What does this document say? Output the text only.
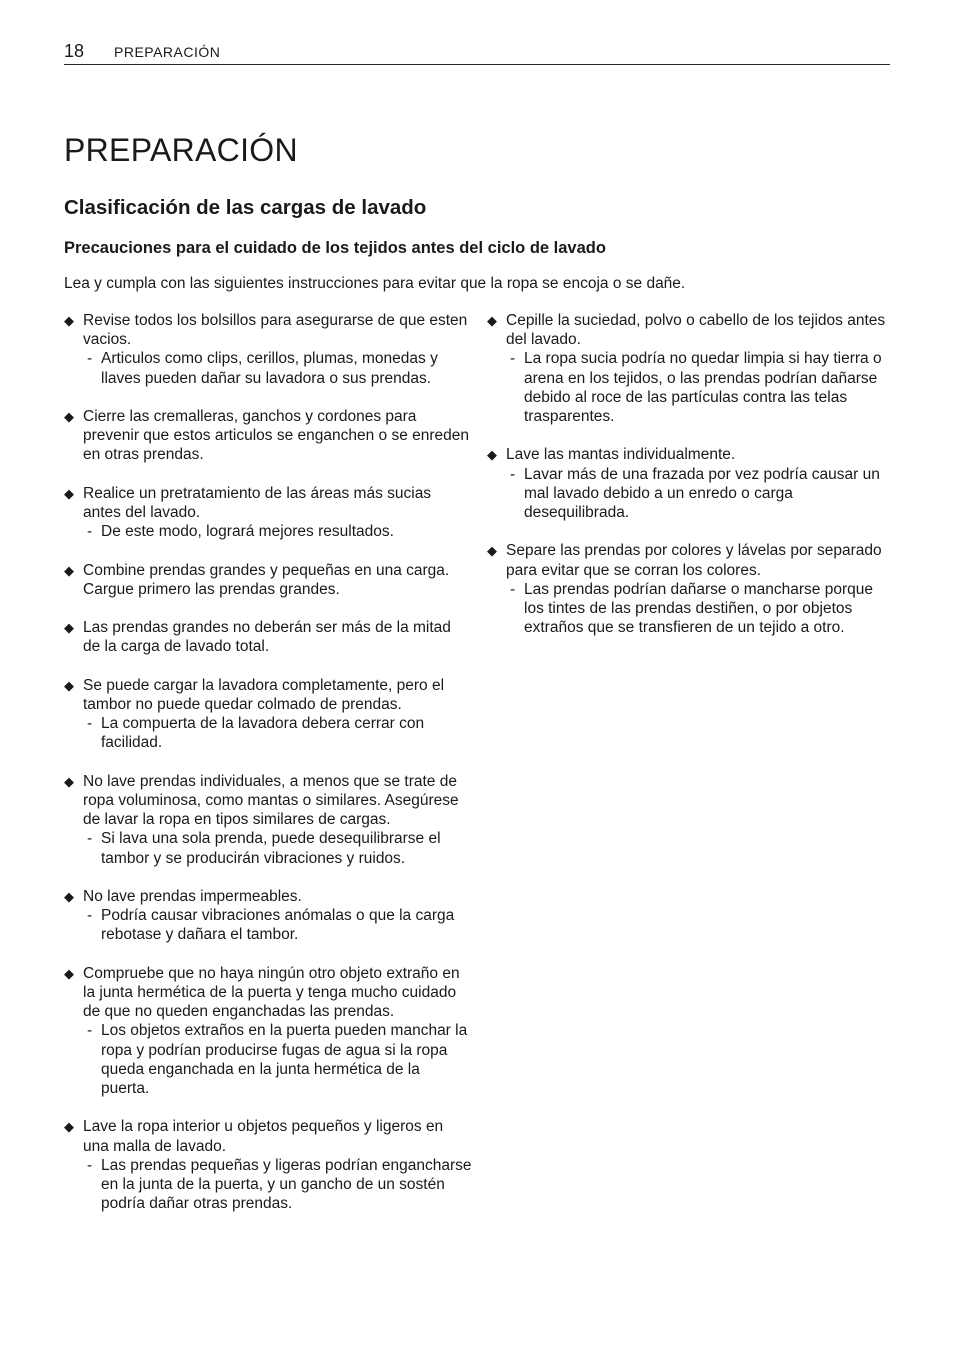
18 PREPARACIÓN
PREPARACIÓN
Clasificación de las cargas de lavado
Precauciones para el cuidado de los tejidos antes del ciclo de lavado

Lea y cumpla con las siguientes instrucciones para evitar que la ropa se encoja o se dañe.

◆ Revise todos los bolsillos para asegurarse de que esten vacios.
- Articulos como clips, cerillos, plumas, monedas y llaves pueden dañar su lavadora o sus prendas.
◆ Cierre las cremalleras, ganchos y cordones para prevenir que estos articulos se enganchen o se enreden en otras prendas.
◆ Realice un pretratamiento de las áreas más sucias antes del lavado.
- De este modo, logrará mejores resultados.
◆ Combine prendas grandes y pequeñas en una carga. Cargue primero las prendas grandes.
◆ Las prendas grandes no deberán ser más de la mitad de la carga de lavado total.
◆ Se puede cargar la lavadora completamente, pero el tambor no puede quedar colmado de prendas.
- La compuerta de la lavadora debera cerrar con facilidad.
◆ No lave prendas individuales, a menos que se trate de ropa voluminosa, como mantas o similares. Asegúrese de lavar la ropa en tipos similares de cargas.
- Si lava una sola prenda, puede desequilibrarse el tambor y se producirán vibraciones y ruidos.
◆ No lave prendas impermeables.
- Podría causar vibraciones anómalas o que la carga rebotase y dañara el tambor.
◆ Compruebe que no haya ningún otro objeto extraño en la junta hermética de la puerta y tenga mucho cuidado de que no queden enganchadas las prendas.
- Los objetos extraños en la puerta pueden manchar la ropa y podrían producirse fugas de agua si la ropa queda enganchada en la junta hermética de la puerta.
◆ Lave la ropa interior u objetos pequeños y ligeros en una malla de lavado.
- Las prendas pequeñas y ligeras podrían engancharse en la junta de la puerta, y un gancho de un sostén podría dañar otras prendas.
◆ Cepille la suciedad, polvo o cabello de los tejidos antes del lavado.
- La ropa sucia podría no quedar limpia si hay tierra o arena en los tejidos, o las prendas podrían dañarse debido al roce de las partículas contra las telas trasparentes.
◆ Lave las mantas individualmente.
- Lavar más de una frazada por vez podría causar un mal lavado debido a un enredo o carga desequilibrada.
◆ Separe las prendas por colores y lávelas por separado para evitar que se corran los colores.
- Las prendas podrían dañarse o mancharse porque los tintes de las prendas destiñen, o por objetos extraños que se transfieren de un tejido a otro.
